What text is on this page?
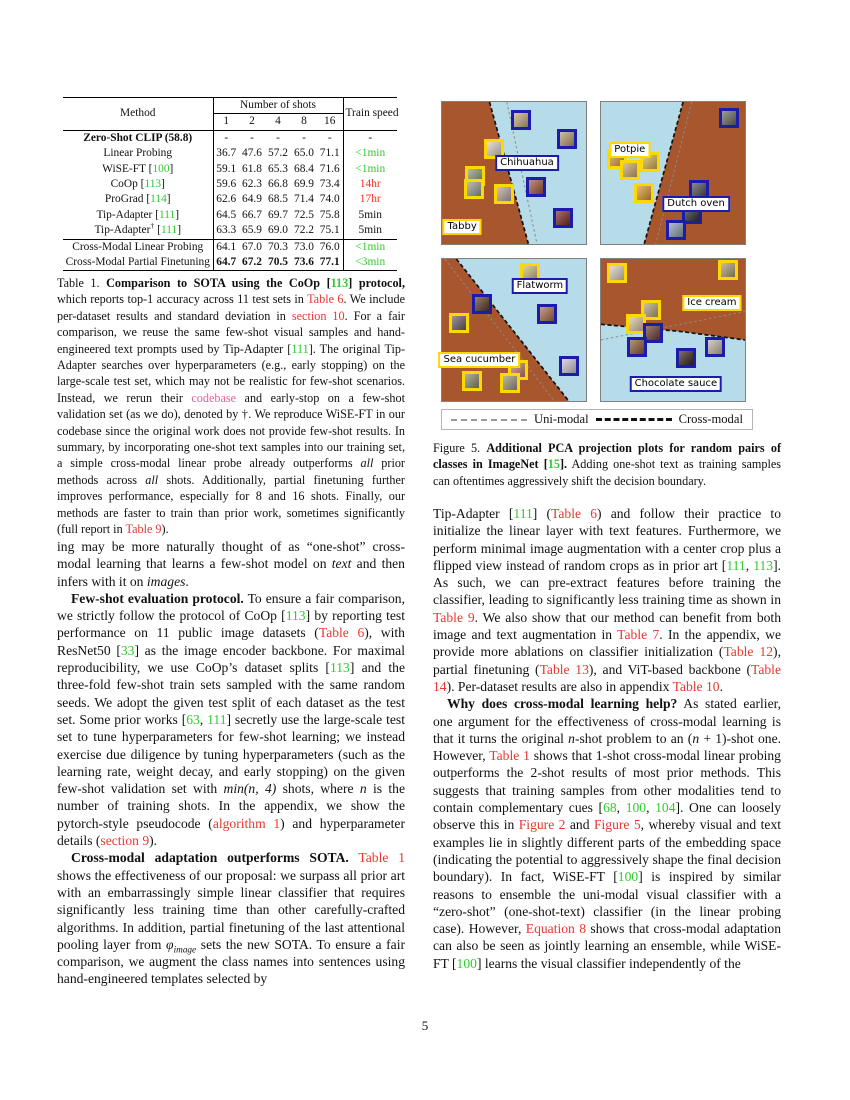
Method	Number of shots					Train speed
	1	2	4	8	16	
Zero-Shot CLIP (58.8)	-	-	-	-	-	-
Linear Probing	36.7	47.6	57.2	65.0	71.1	<1min
WiSE-FT [100]	59.1	61.8	65.3	68.4	71.6	<1min
CoOp [113]	59.6	62.3	66.8	69.9	73.4	14hr
ProGrad [114]	62.6	64.9	68.5	71.4	74.0	17hr
Tip-Adapter [111]	64.5	66.7	69.7	72.5	75.8	5min
Tip-Adapter† [111]	63.3	65.9	69.0	72.2	75.1	5min
Cross-Modal Linear Probing	64.1	67.0	70.3	73.0	76.0	<1min
Cross-Modal Partial Finetuning	64.7	67.2	70.5	73.6	77.1	<3min
Table 1. Comparison to SOTA using the CoOp [113] protocol, which reports top-1 accuracy across 11 test sets in Table 6. We include per-dataset results and standard deviation in section 10. For a fair comparison, we reuse the same few-shot visual samples and hand-engineered text prompts used by Tip-Adapter [111]. The original Tip-Adapter searches over hyperparameters (e.g., early stopping) on the large-scale test set, which may not be realistic for few-shot scenarios. Instead, we rerun their codebase and early-stop on a few-shot validation set (as we do), denoted by †. We reproduce WiSE-FT in our codebase since the original work does not provide few-shot results. In summary, by incorporating one-shot text samples into our training set, a simple cross-modal linear probe already outperforms all prior methods across all shots. Additionally, partial finetuning further improves performance, especially for 8 and 16 shots. Finally, our methods are faster to train than prior work, sometimes significantly (full report in Table 9).

ing may be more naturally thought of as “one-shot” cross-modal learning that learns a few-shot model on text and then infers with it on images.

Few-shot evaluation protocol. To ensure a fair comparison, we strictly follow the protocol of CoOp [113] by reporting test performance on 11 public image datasets (Table 6), with ResNet50 [33] as the image encoder backbone. For maximal reproducibility, we use CoOp’s dataset splits [113] and the three-fold few-shot train sets sampled with the same random seeds. We adopt the given test split of each dataset as the test set. Some prior works [63, 111] secretly use the large-scale test set to tune hyperparameters for few-shot learning; we instead exercise due diligence by tuning hyperparameters (such as the learning rate, weight decay, and early stopping) on the given few-shot validation set with min(n, 4) shots, where n is the number of training shots. In the appendix, we show the pytorch-style pseudocode (algorithm 1) and hyperparameter details (section 9).

Cross-modal adaptation outperforms SOTA. Table 1 shows the effectiveness of our proposal: we surpass all prior art with an embarrassingly simple linear classifier that requires significantly less training time than other carefully-crafted algorithms. In addition, partial finetuning of the last attentional pooling layer from $\varphi_{image}$ sets the new SOTA. To ensure a fair comparison, we augment the class names into sentences using hand-engineered templates selected by

Tabby
Chihuahua
Potpie
Dutch oven
Flatworm
Sea cucumber
Ice cream
Chocolate sauce
Uni-modal	Cross-modal
Figure 5. Additional PCA projection plots for random pairs of classes in ImageNet [15]. Adding one-shot text as training samples can oftentimes aggressively shift the decision boundary.

Tip-Adapter [111] (Table 6) and follow their practice to initialize the linear layer with text features. Furthermore, we perform minimal image augmentation with a center crop plus a flipped view instead of random crops as in prior art [111, 113]. As such, we can pre-extract features before training the classifier, leading to significantly less training time as shown in Table 9. We also show that our method can benefit from both image and text augmentation in Table 7. In the appendix, we provide more ablations on classifier initialization (Table 12), partial finetuning (Table 13), and ViT-based backbone (Table 14). Per-dataset results are also in appendix Table 10.

Why does cross-modal learning help? As stated earlier, one argument for the effectiveness of cross-modal learning is that it turns the original n-shot problem to an (n + 1)-shot one. However, Table 1 shows that 1-shot cross-modal linear probing outperforms the 2-shot results of most prior methods. This suggests that training samples from other modalities tend to contain complementary cues [68, 100, 104]. One can loosely observe this in Figure 2 and Figure 5, whereby visual and text examples lie in slightly different parts of the embedding space (indicating the potential to aggressively shape the final decision boundary). In fact, WiSE-FT [100] is inspired by similar reasons to ensemble the uni-modal visual classifier with a “zero-shot” (one-shot-text) classifier (in the linear probing case). However, Equation 8 shows that cross-modal adaptation can also be seen as jointly learning an ensemble, while WiSE-FT [100] learns the visual classifier independently of the

5
